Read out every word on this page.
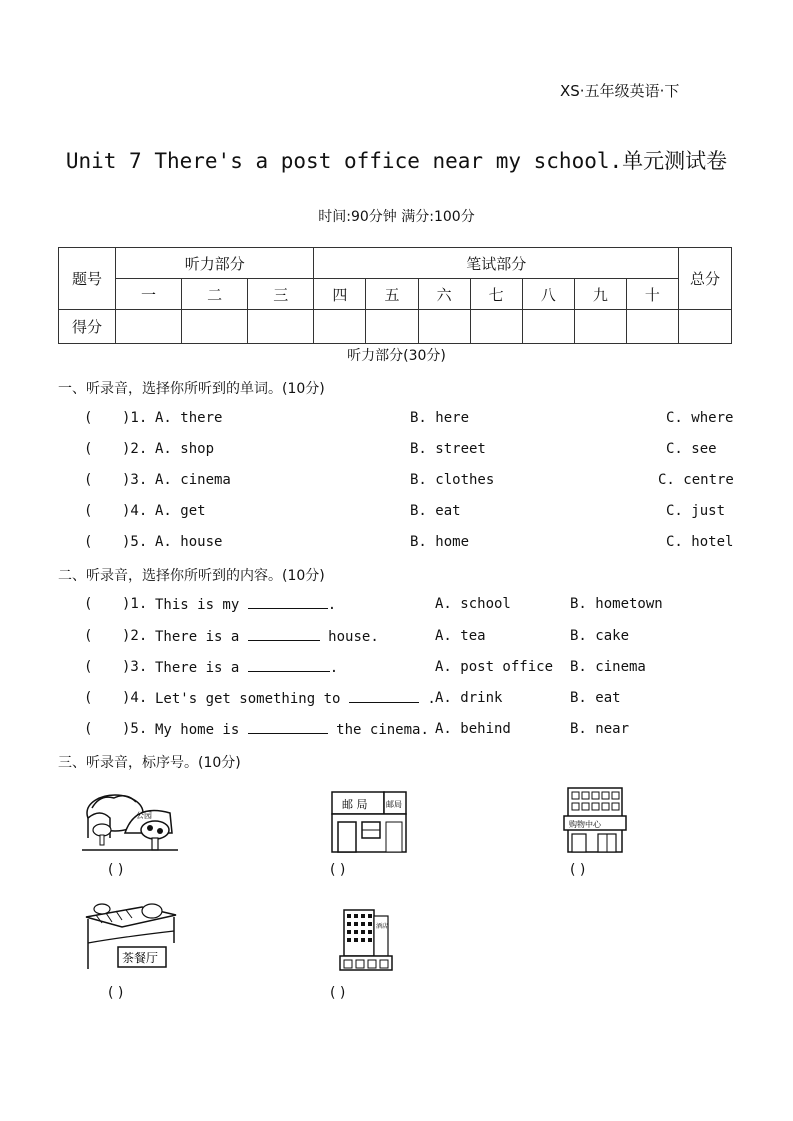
XS·五年级英语·下
Unit 7 There's a post office near my school.单元测试卷
时间:90分钟 满分:100分
题号	听力部分			笔试部分							总分
	一	二	三	四	五	六	七	八	九	十	
得分											
听力部分(30分)
一、听录音，选择你所听到的单词。(10分)
( )1. A. there	B. here	C. where
( )2. A. shop	B. street	C. see
( )3. A. cinema	B. clothes	C. centre
( )4. A. get	B. eat	C. just
( )5. A. house	B. home	C. hotel
二、听录音，选择你所听到的内容。(10分)
( )1. This is my	.	A. school	B. hometown
( )2. There is a	house.	A. tea	B. cake
( )3. There is a	.	A. post office B. cinema
( )4. Let's get something to	. A. drink	B. eat
( )5. My home is	the cinema. A. behind	B. near
三、听录音，标序号。(10分)
公园
( )
邮 局 邮局
( )
购物中心
( )
茶餐厅
( )
酒店
( )
